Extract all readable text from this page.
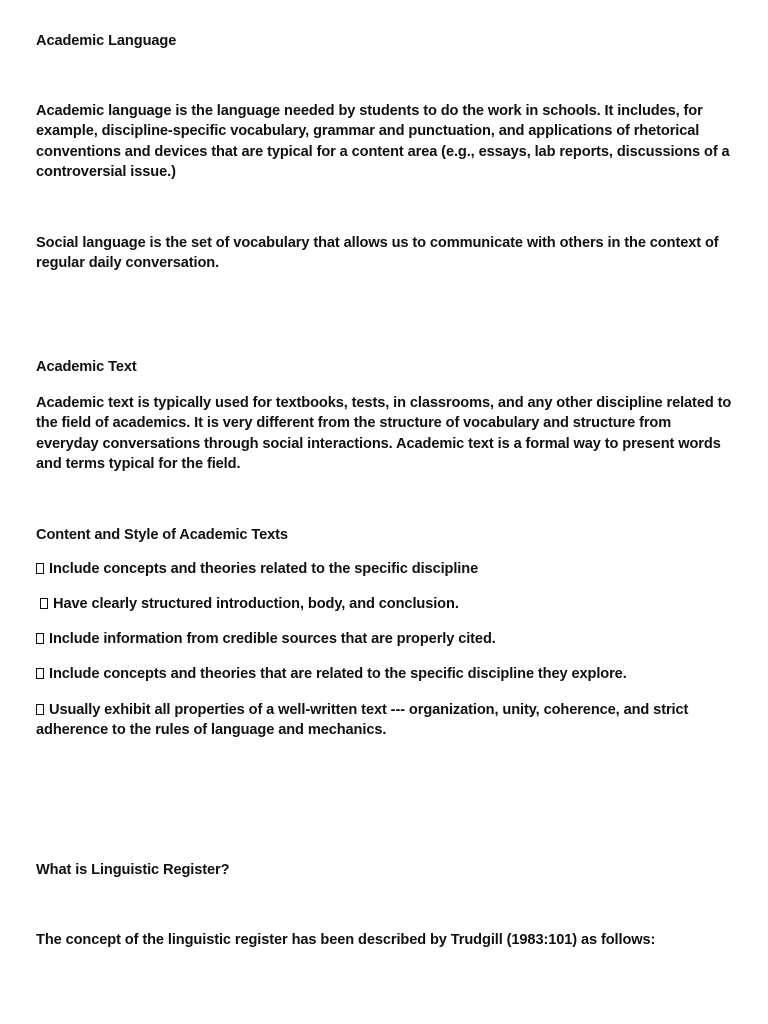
Academic Language

Academic language is the language needed by students to do the work in schools. It includes, for example, discipline-specific vocabulary, grammar and punctuation, and applications of rhetorical conventions and devices that are typical for a content area (e.g., essays, lab reports, discussions of a controversial issue.)

Social language is the set of vocabulary that allows us to communicate with others in the context of regular daily conversation.

Academic Text

Academic text is typically used for textbooks, tests, in classrooms, and any other discipline related to the field of academics. It is very different from the structure of vocabulary and structure from everyday conversations through social interactions. Academic text is a formal way to present words and terms typical for the field.

Content and Style of Academic Texts

Include concepts and theories related to the specific discipline

Have clearly structured introduction, body, and conclusion.

Include information from credible sources that are properly cited.

Include concepts and theories that are related to the specific discipline they explore.

Usually exhibit all properties of a well-written text --- organization, unity, coherence, and strict adherence to the rules of language and mechanics.

What is Linguistic Register?

The concept of the linguistic register has been described by Trudgill (1983:101) as follows:
